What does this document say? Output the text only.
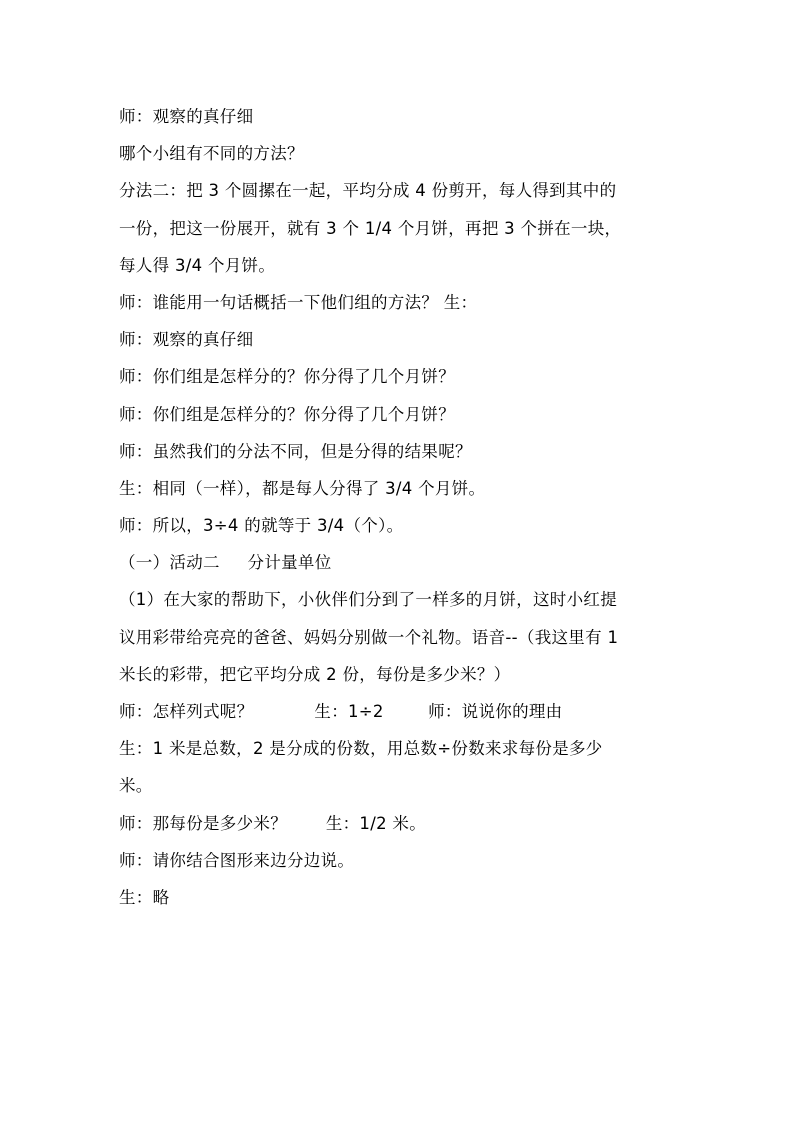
师：观察的真仔细
哪个小组有不同的方法？
分法二：把 3 个圆摞在一起，平均分成 4 份剪开，每人得到其中的
一份，把这一份展开，就有 3 个 1/4 个月饼，再把 3 个拼在一块，
每人得 3/4 个月饼。
师：谁能用一句话概括一下他们组的方法？ 生：
师：观察的真仔细
师：你们组是怎样分的？你分得了几个月饼？
师：你们组是怎样分的？你分得了几个月饼？
师：虽然我们的分法不同，但是分得的结果呢？
生：相同（一样），都是每人分得了 3/4 个月饼。
师：所以，3÷4 的就等于 3/4（个）。
（一）活动二     分计量单位
（1）在大家的帮助下，小伙伴们分到了一样多的月饼，这时小红提
议用彩带给亮亮的爸爸、妈妈分别做一个礼物。语音--（我这里有 1
米长的彩带，把它平均分成 2 份，每份是多少米？）
师：怎样列式呢？           生：1÷2        师：说说你的理由
生：1 米是总数，2 是分成的份数，用总数÷份数来求每份是多少
米。
师：那每份是多少米？       生：1/2 米。
师：请你结合图形来边分边说。
生：略
